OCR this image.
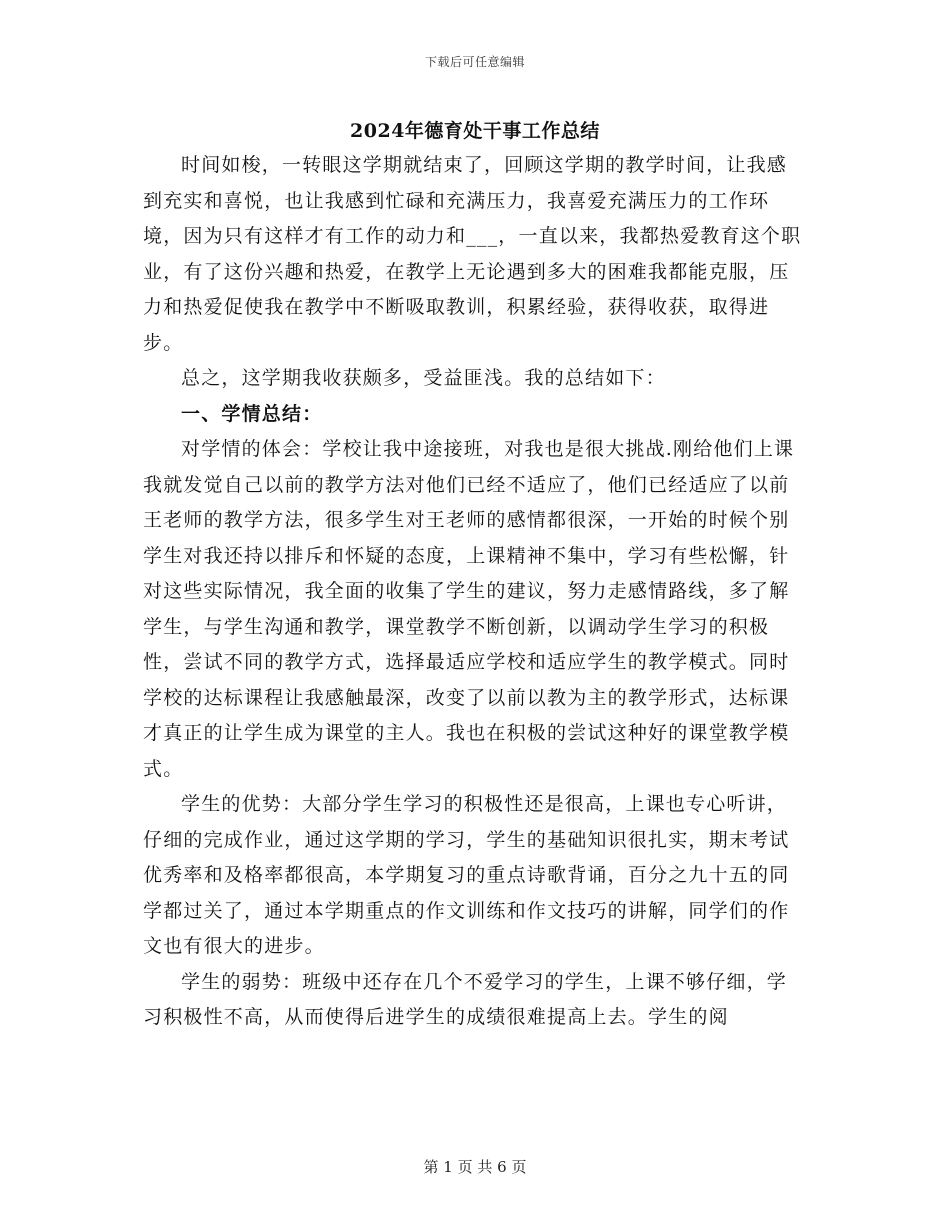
下载后可任意编辑
2024年德育处干事工作总结

时间如梭，一转眼这学期就结束了，回顾这学期的教学时间，让我感到充实和喜悦，也让我感到忙碌和充满压力，我喜爱充满压力的工作环境，因为只有这样才有工作的动力和___，一直以来，我都热爱教育这个职业，有了这份兴趣和热爱，在教学上无论遇到多大的困难我都能克服，压力和热爱促使我在教学中不断吸取教训，积累经验，获得收获，取得进步。

总之，这学期我收获颇多，受益匪浅。我的总结如下：

一、学情总结：

对学情的体会：学校让我中途接班，对我也是很大挑战.刚给他们上课我就发觉自己以前的教学方法对他们已经不适应了，他们已经适应了以前王老师的教学方法，很多学生对王老师的感情都很深，一开始的时候个别学生对我还持以排斥和怀疑的态度，上课精神不集中，学习有些松懈，针对这些实际情况，我全面的收集了学生的建议，努力走感情路线，多了解学生，与学生沟通和教学，课堂教学不断创新，以调动学生学习的积极性，尝试不同的教学方式，选择最适应学校和适应学生的教学模式。同时学校的达标课程让我感触最深，改变了以前以教为主的教学形式，达标课才真正的让学生成为课堂的主人。我也在积极的尝试这种好的课堂教学模式。

学生的优势：大部分学生学习的积极性还是很高，上课也专心听讲，仔细的完成作业，通过这学期的学习，学生的基础知识很扎实，期末考试优秀率和及格率都很高，本学期复习的重点诗歌背诵，百分之九十五的同学都过关了，通过本学期重点的作文训练和作文技巧的讲解，同学们的作文也有很大的进步。

学生的弱势：班级中还存在几个不爱学习的学生，上课不够仔细，学习积极性不高，从而使得后进学生的成绩很难提高上去。学生的阅

第 1 页 共 6 页
